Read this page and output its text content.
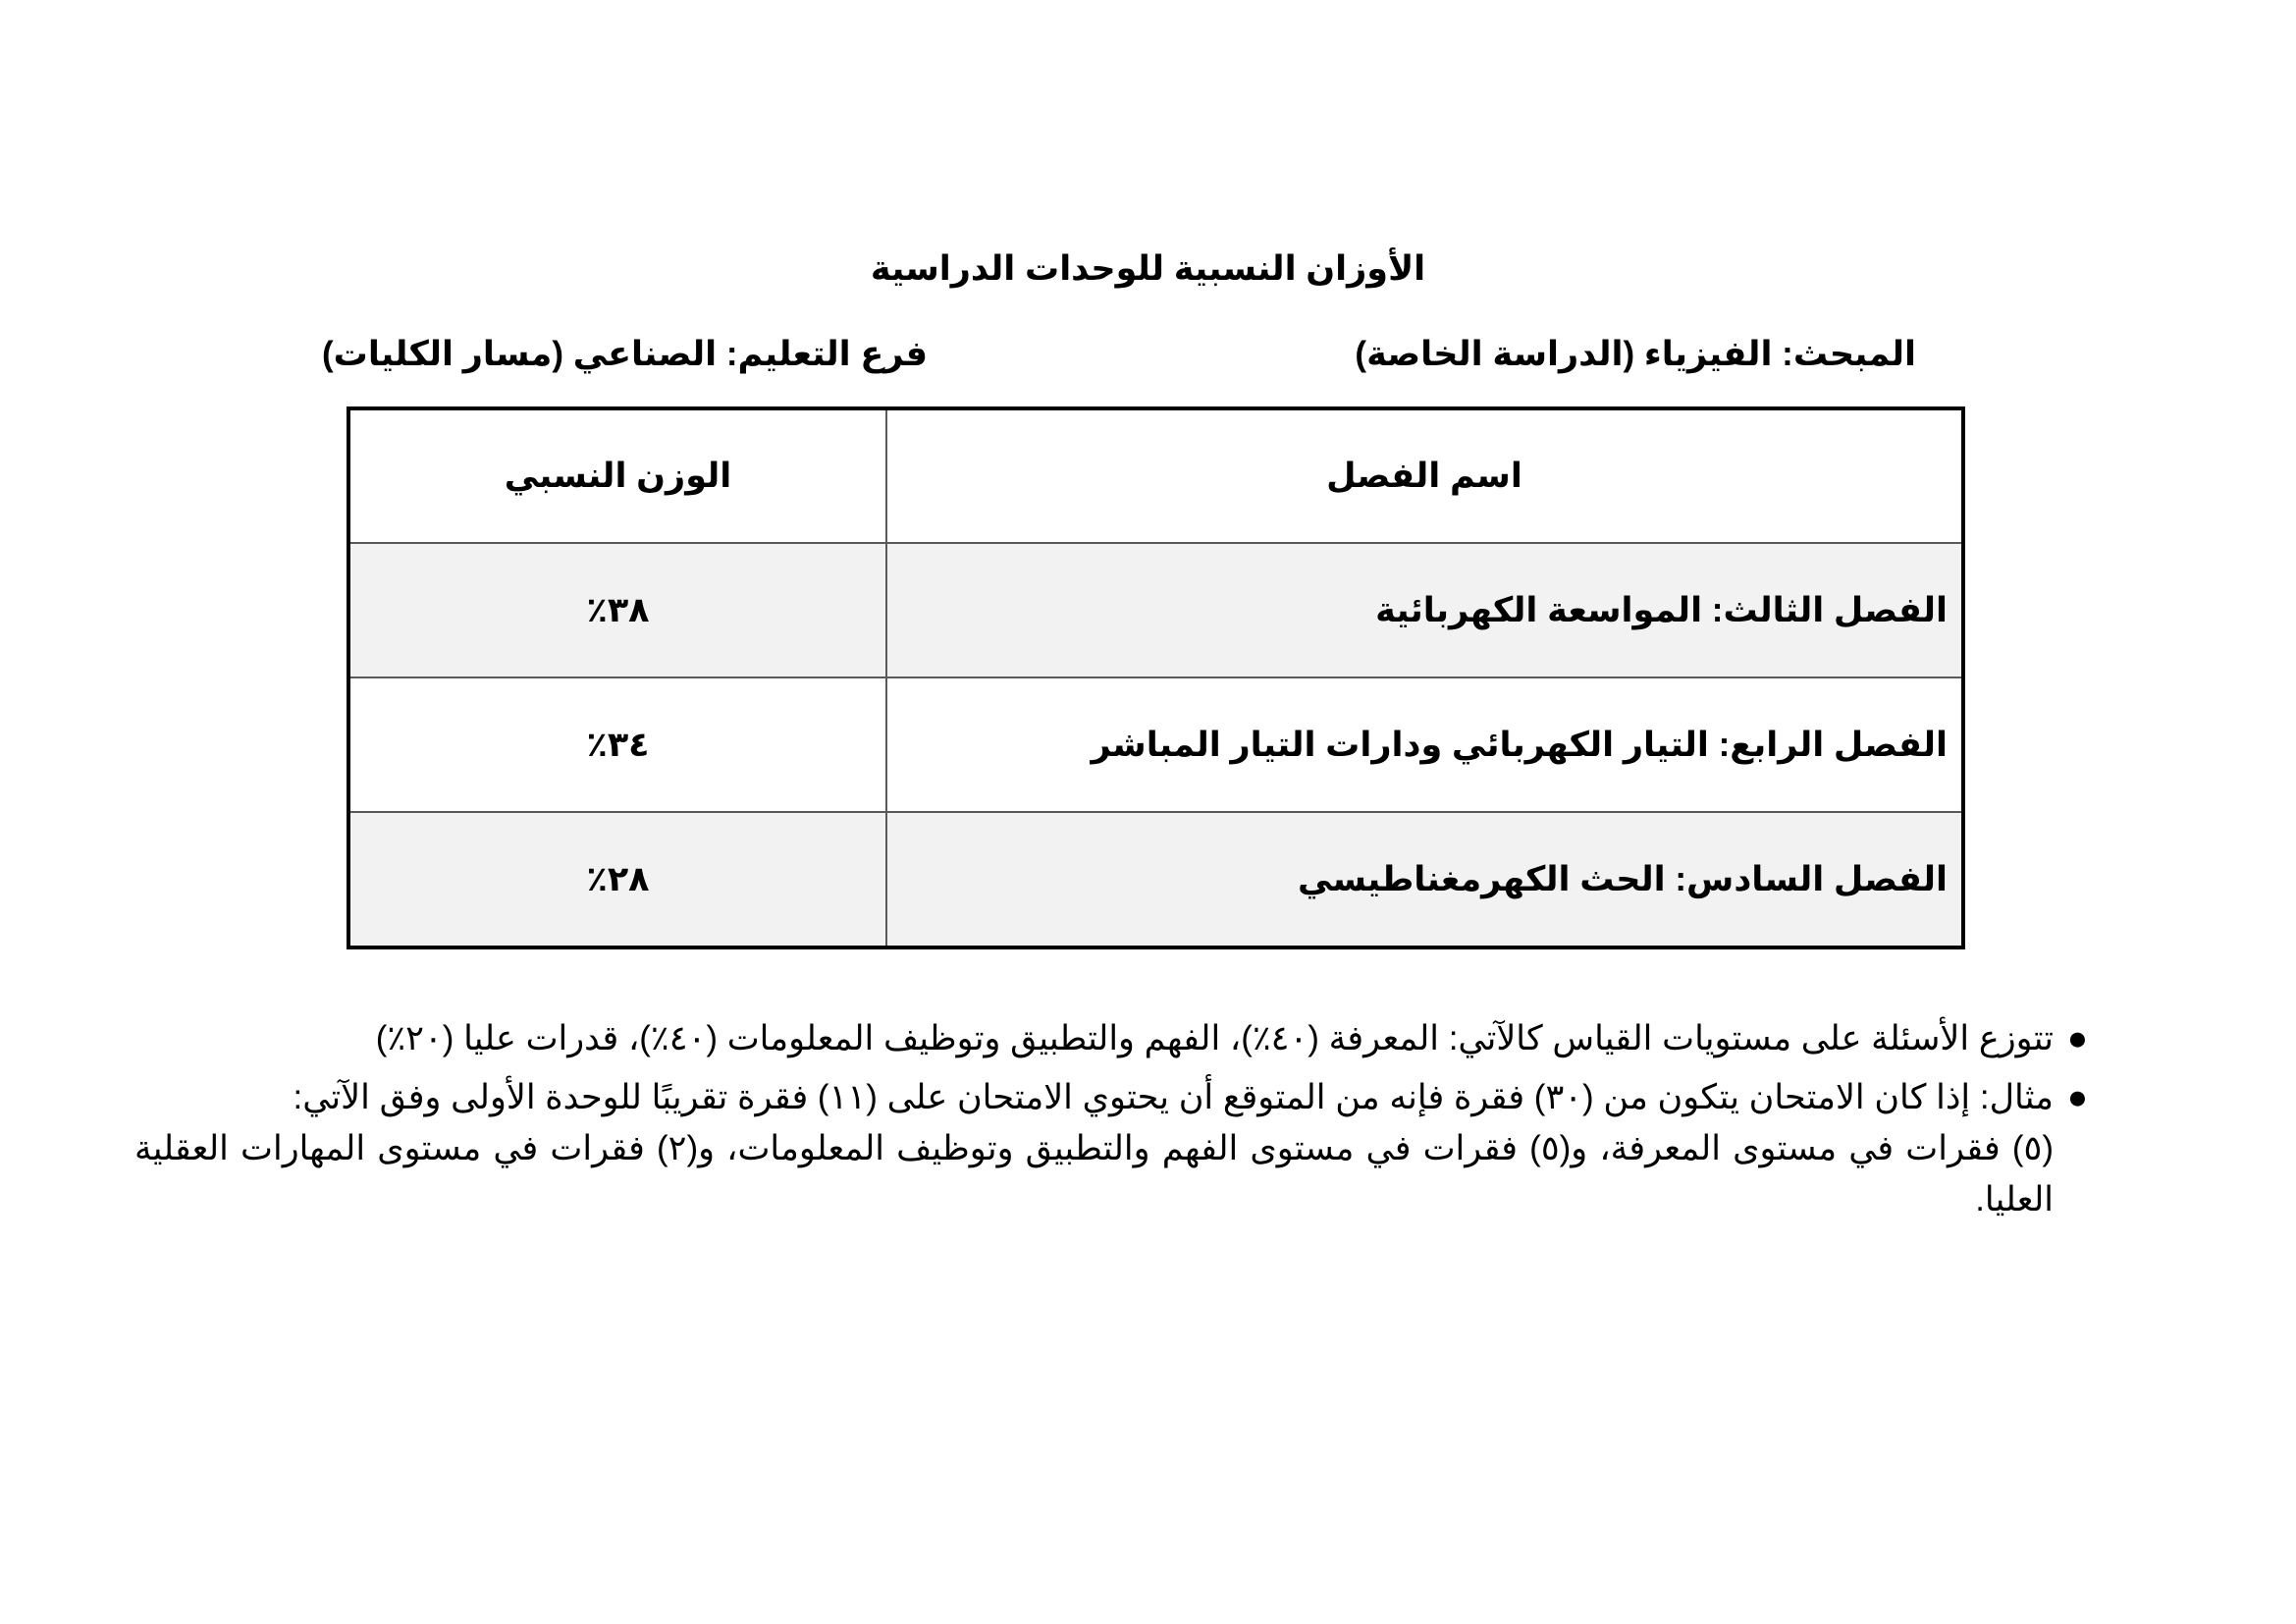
الأوزان النسبية للوحدات الدراسية
المبحث: الفيزياء (الدراسة الخاصة)
فرع التعليم: الصناعي (مسار الكليات)
اسم الفصل	الوزن النسبي
الفصل الثالث: المواسعة الكهربائية	٣٨٪
الفصل الرابع: التيار الكهربائي ودارات التيار المباشر	٣٤٪
الفصل السادس: الحث الكهرمغناطيسي	٢٨٪
●
تتوزع الأسئلة على مستويات القياس كالآتي: المعرفة (٤٠٪)، الفهم والتطبيق وتوظيف المعلومات (٤٠٪)، قدرات عليا (٢٠٪)
●
مثال: إذا كان الامتحان يتكون من (٣٠) فقرة فإنه من المتوقع أن يحتوي الامتحان على (١١) فقرة تقريبًا للوحدة الأولى وفق الآتي:
(٥) فقرات في مستوى المعرفة، و(٥) فقرات في مستوى الفهم والتطبيق وتوظيف المعلومات، و(٢) فقرات في مستوى المهارات العقلية العليا.
